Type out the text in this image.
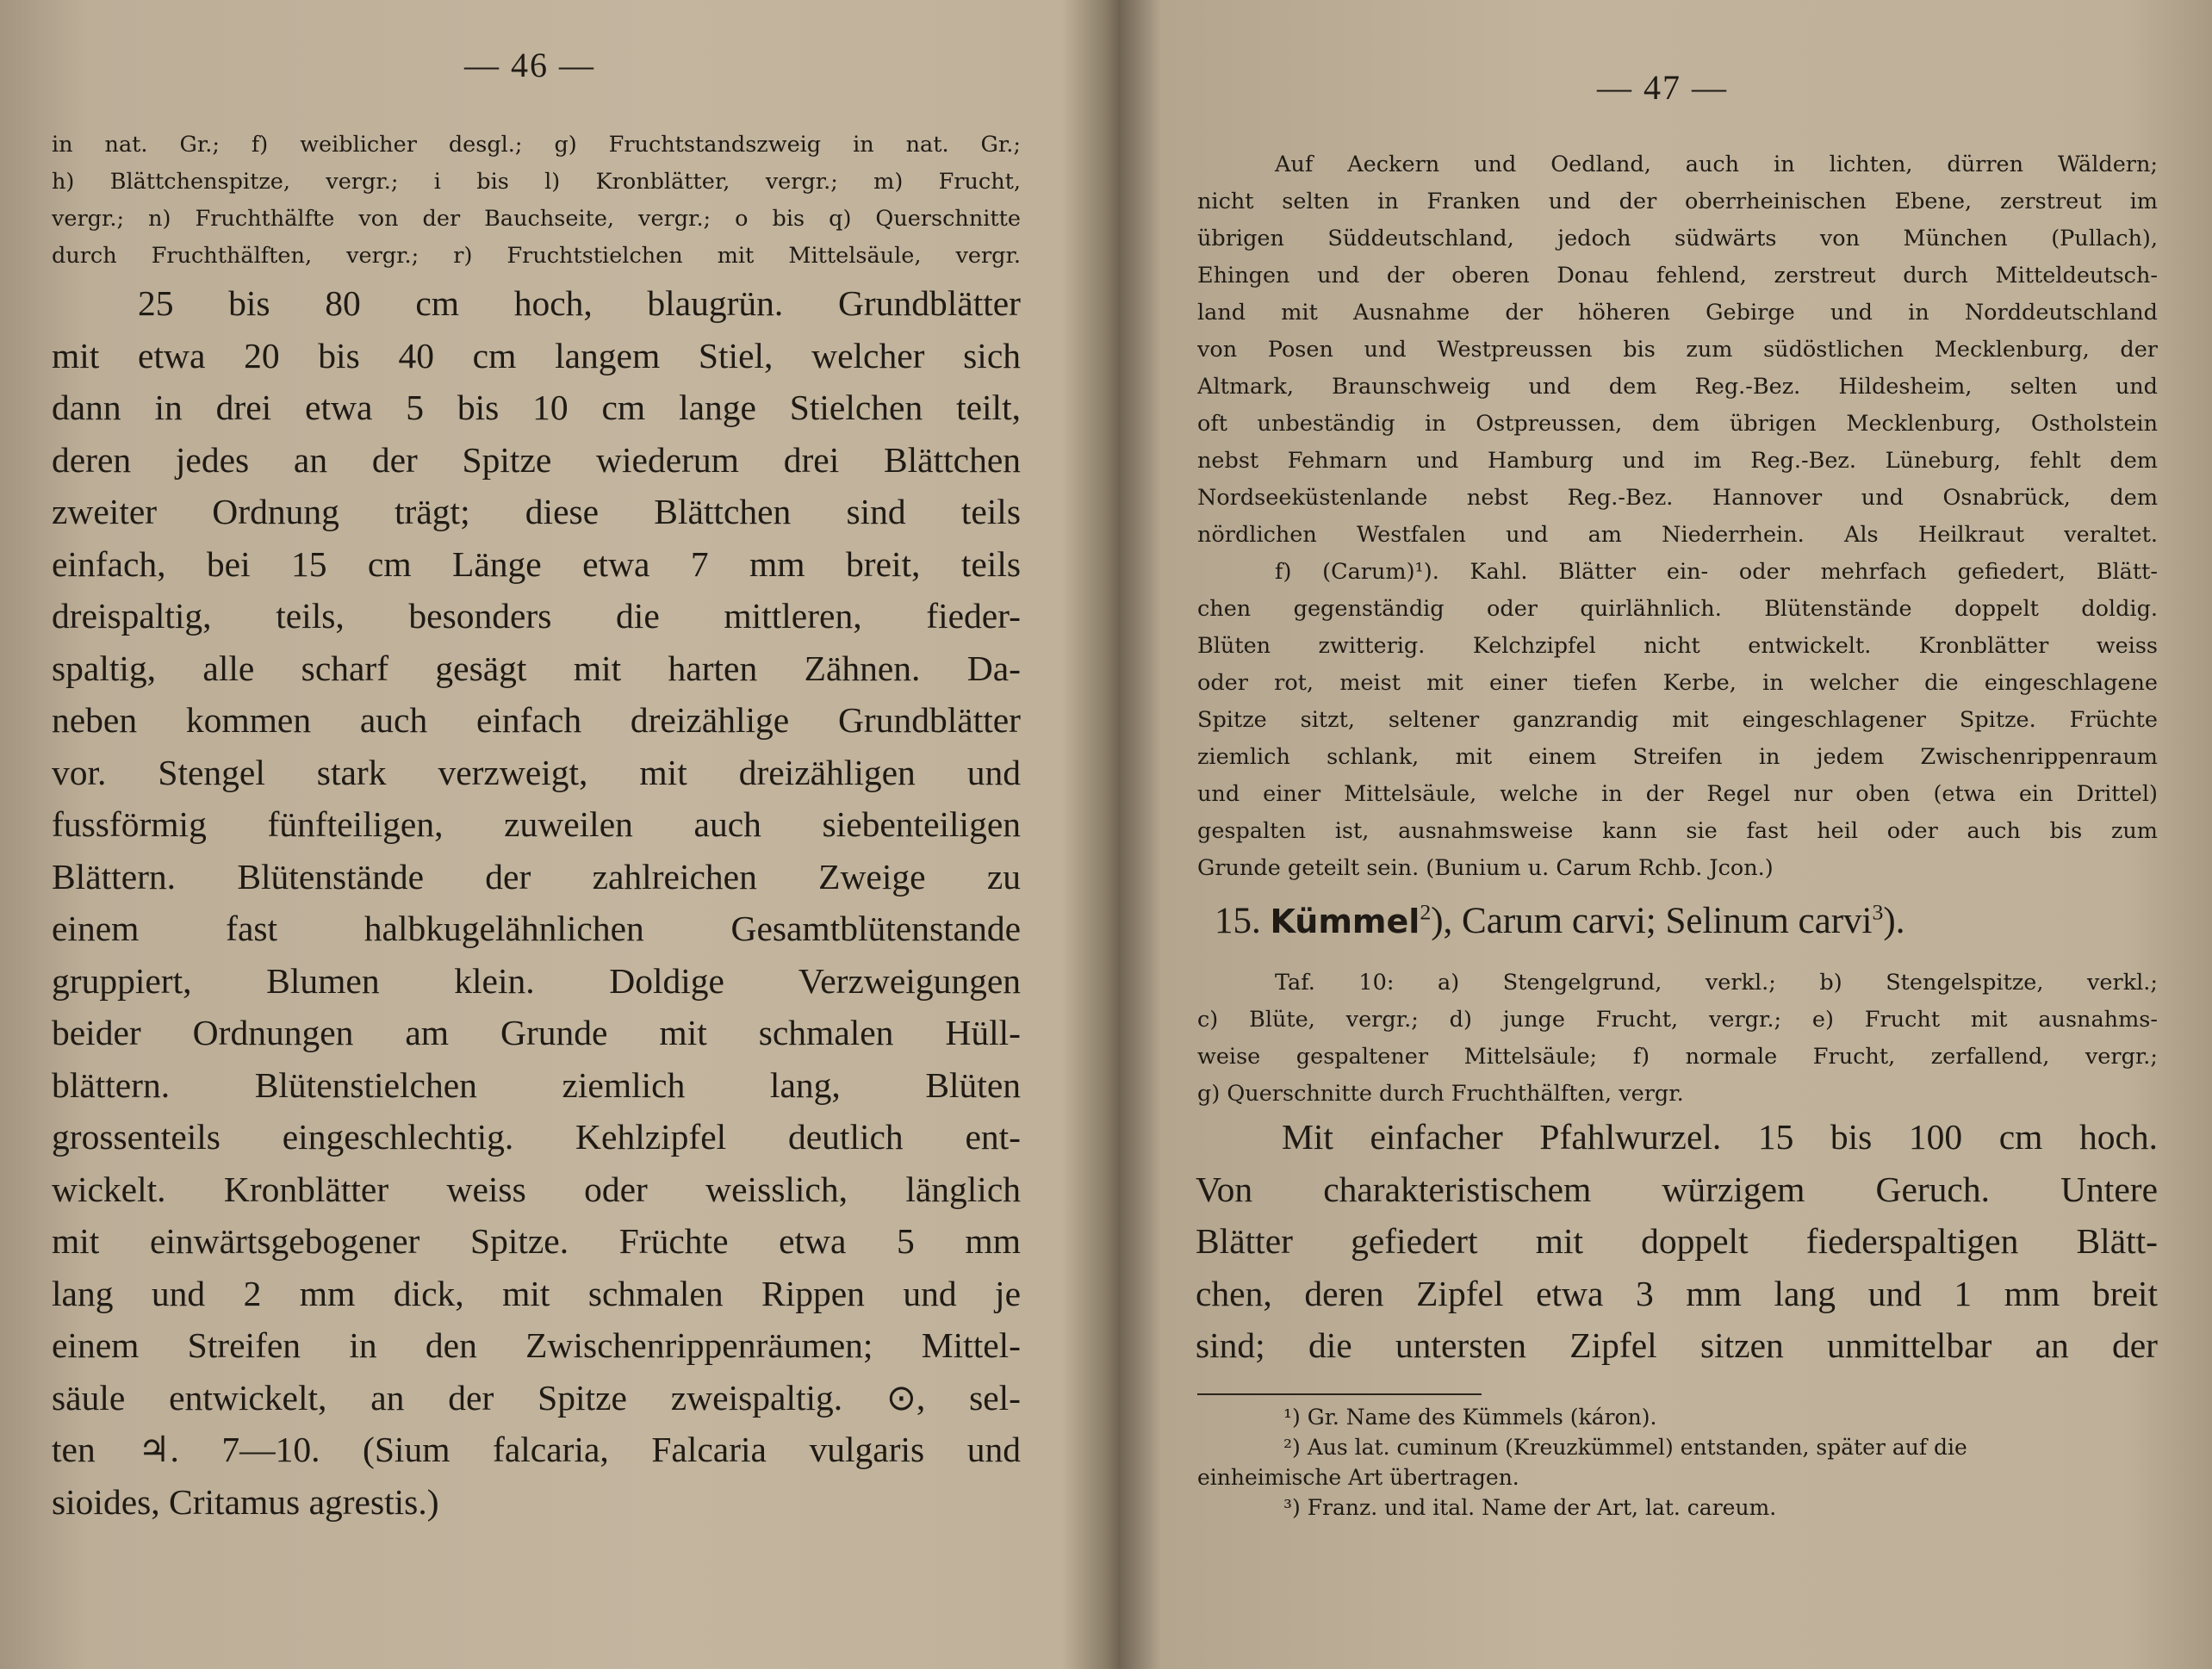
— 46 —
in nat. Gr.; f) weiblicher desgl.; g) Fruchtstandszweig in nat. Gr.;
h) Blättchenspitze, vergr.; i bis l) Kronblätter, vergr.; m) Frucht,
vergr.; n) Fruchthälfte von der Bauchseite, vergr.; o bis q) Querschnitte
durch Fruchthälften, vergr.; r) Fruchtstielchen mit Mittelsäule, vergr.
25 bis 80 cm hoch, blaugrün. Grundblätter
mit etwa 20 bis 40 cm langem Stiel, welcher sich
dann in drei etwa 5 bis 10 cm lange Stielchen teilt,
deren jedes an der Spitze wiederum drei Blättchen
zweiter Ordnung trägt; diese Blättchen sind teils
einfach, bei 15 cm Länge etwa 7 mm breit, teils
dreispaltig, teils, besonders die mittleren, fieder-
spaltig, alle scharf gesägt mit harten Zähnen. Da-
neben kommen auch einfach dreizählige Grundblätter
vor. Stengel stark verzweigt, mit dreizähligen und
fussförmig fünfteiligen, zuweilen auch siebenteiligen
Blättern. Blütenstände der zahlreichen Zweige zu
einem fast halbkugelähnlichen Gesamtblütenstande
gruppiert, Blumen klein. Doldige Verzweigungen
beider Ordnungen am Grunde mit schmalen Hüll-
blättern. Blütenstielchen ziemlich lang, Blüten
grossenteils eingeschlechtig. Kehlzipfel deutlich ent-
wickelt. Kronblätter weiss oder weisslich, länglich
mit einwärtsgebogener Spitze. Früchte etwa 5 mm
lang und 2 mm dick, mit schmalen Rippen und je
einem Streifen in den Zwischenrippenräumen; Mittel-
säule entwickelt, an der Spitze zweispaltig. ⊙, sel-
ten ♃. 7—10. (Sium falcaria, Falcaria vulgaris und
sioides, Critamus agrestis.)
— 47 —
Auf Aeckern und Oedland, auch in lichten, dürren Wäldern;
nicht selten in Franken und der oberrheinischen Ebene, zerstreut im
übrigen Süddeutschland, jedoch südwärts von München (Pullach),
Ehingen und der oberen Donau fehlend, zerstreut durch Mitteldeutsch-
land mit Ausnahme der höheren Gebirge und in Norddeutschland
von Posen und Westpreussen bis zum südöstlichen Mecklenburg, der
Altmark, Braunschweig und dem Reg.-Bez. Hildesheim, selten und
oft unbeständig in Ostpreussen, dem übrigen Mecklenburg, Ostholstein
nebst Fehmarn und Hamburg und im Reg.-Bez. Lüneburg, fehlt dem
Nordseeküstenlande nebst Reg.-Bez. Hannover und Osnabrück, dem
nördlichen Westfalen und am Niederrhein. Als Heilkraut veraltet.
f) (Carum)¹). Kahl. Blätter ein- oder mehrfach gefiedert, Blätt-
chen gegenständig oder quirlähnlich. Blütenstände doppelt doldig.
Blüten zwitterig. Kelchzipfel nicht entwickelt. Kronblätter weiss
oder rot, meist mit einer tiefen Kerbe, in welcher die eingeschlagene
Spitze sitzt, seltener ganzrandig mit eingeschlagener Spitze. Früchte
ziemlich schlank, mit einem Streifen in jedem Zwischenrippenraum
und einer Mittelsäule, welche in der Regel nur oben (etwa ein Drittel)
gespalten ist, ausnahmsweise kann sie fast heil oder auch bis zum
Grunde geteilt sein. (Bunium u. Carum Rchb. Jcon.)
15. Kümmel$^2$), Carum carvi; Selinum carvi$^3$).
Taf. 10: a) Stengelgrund, verkl.; b) Stengelspitze, verkl.;
c) Blüte, vergr.; d) junge Frucht, vergr.; e) Frucht mit ausnahms-
weise gespaltener Mittelsäule; f) normale Frucht, zerfallend, vergr.;
g) Querschnitte durch Fruchthälften, vergr.
Mit einfacher Pfahlwurzel. 15 bis 100 cm hoch.
Von charakteristischem würzigem Geruch. Untere
Blätter gefiedert mit doppelt fiederspaltigen Blätt-
chen, deren Zipfel etwa 3 mm lang und 1 mm breit
sind; die untersten Zipfel sitzen unmittelbar an der
¹) Gr. Name des Kümmels (káron).
²) Aus lat. cuminum (Kreuzkümmel) entstanden, später auf die
einheimische Art übertragen.
³) Franz. und ital. Name der Art, lat. careum.
